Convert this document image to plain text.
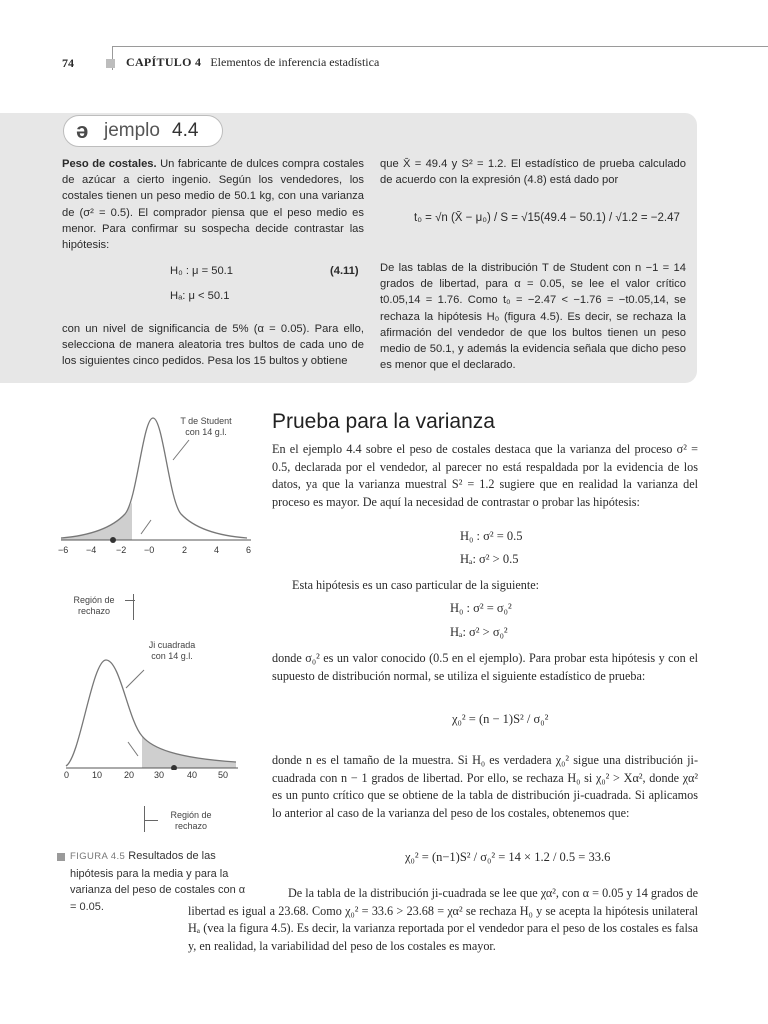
74	CAPÍTULO 4 Elementos de inferencia estadística
ə jemplo 4.4
Peso de costales. Un fabricante de dulces compra costales de azúcar a cierto ingenio. Según los vendedores, los costales tienen un peso medio de 50.1 kg, con una varianza de (σ² = 0.5). El comprador piensa que el peso medio es menor. Para confirmar su sospecha decide contrastar las hipótesis:
H₀ : μ = 50.1
Hₐ: μ < 50.1
(4.11)
con un nivel de significancia de 5% (α = 0.05). Para ello, selecciona de manera aleatoria tres bultos de cada uno de los siguientes cinco pedidos. Pesa los 15 bultos y obtiene
que X̄ = 49.4 y S² = 1.2. El estadístico de prueba calculado de acuerdo con la expresión (4.8) está dado por
t₀ = √n (X̄ − μ₀) / S = √15(49.4 − 50.1) / √1.2 = −2.47
De las tablas de la distribución T de Student con n −1 = 14 grados de libertad, para α = 0.05, se lee el valor crítico t0.05,14 = 1.76. Como t₀ = −2.47 < −1.76 = −t0.05,14, se rechaza la hipótesis H₀ (figura 4.5). Es decir, se rechaza la afirmación del vendedor de que los bultos tienen un peso medio de 50.1, y además la evidencia señala que dicho peso es menor que el declarado.
T de Student
con 14 g.l.
−6 −4 −2 −0	2	4	6
Región de
rechazo
Ji cuadrada
con 14 g.l.
0	10 20 30	40 50
Región de
rechazo
FIGURA 4.5 Resultados de las hipótesis para la media y para la varianza del peso de costales con α = 0.05.
Prueba para la varianza
En el ejemplo 4.4 sobre el peso de costales destaca que la varianza del proceso σ² = 0.5, declarada por el vendedor, al parecer no está respaldada por la evidencia de los datos, ya que la varianza muestral S² = 1.2 sugiere que en realidad la varianza del proceso es mayor. De aquí la necesidad de contrastar o probar las hipótesis:
H₀ : σ² = 0.5
Hₐ: σ² > 0.5
Esta hipótesis es un caso particular de la siguiente:
H₀ : σ² = σ₀²
Hₐ: σ² > σ₀²
donde σ₀² es un valor conocido (0.5 en el ejemplo). Para probar esta hipótesis y con el supuesto de distribución normal, se utiliza el siguiente estadístico de prueba:
χ₀² = (n − 1)S² / σ₀²
donde n es el tamaño de la muestra. Si H₀ es verdadera χ₀² sigue una distribución ji-cuadrada con n − 1 grados de libertad. Por ello, se rechaza H₀ si χ₀² > Xα², donde χα² es un punto crítico que se obtiene de la tabla de distribución ji-cuadrada. Si aplicamos lo anterior al caso de la varianza del peso de los costales, obtenemos que:
χ₀² = (n−1)S² / σ₀² = 14 × 1.2 / 0.5 = 33.6
De la tabla de la distribución ji-cuadrada se lee que χα², con α = 0.05 y 14 grados de libertad es igual a 23.68. Como χ₀² = 33.6 > 23.68 = χα² se rechaza H₀ y se acepta la hipótesis unilateral Hₐ (vea la figura 4.5). Es decir, la varianza reportada por el vendedor para el peso de los costales es falsa y, en realidad, la variabilidad del peso de los costales es mayor.
